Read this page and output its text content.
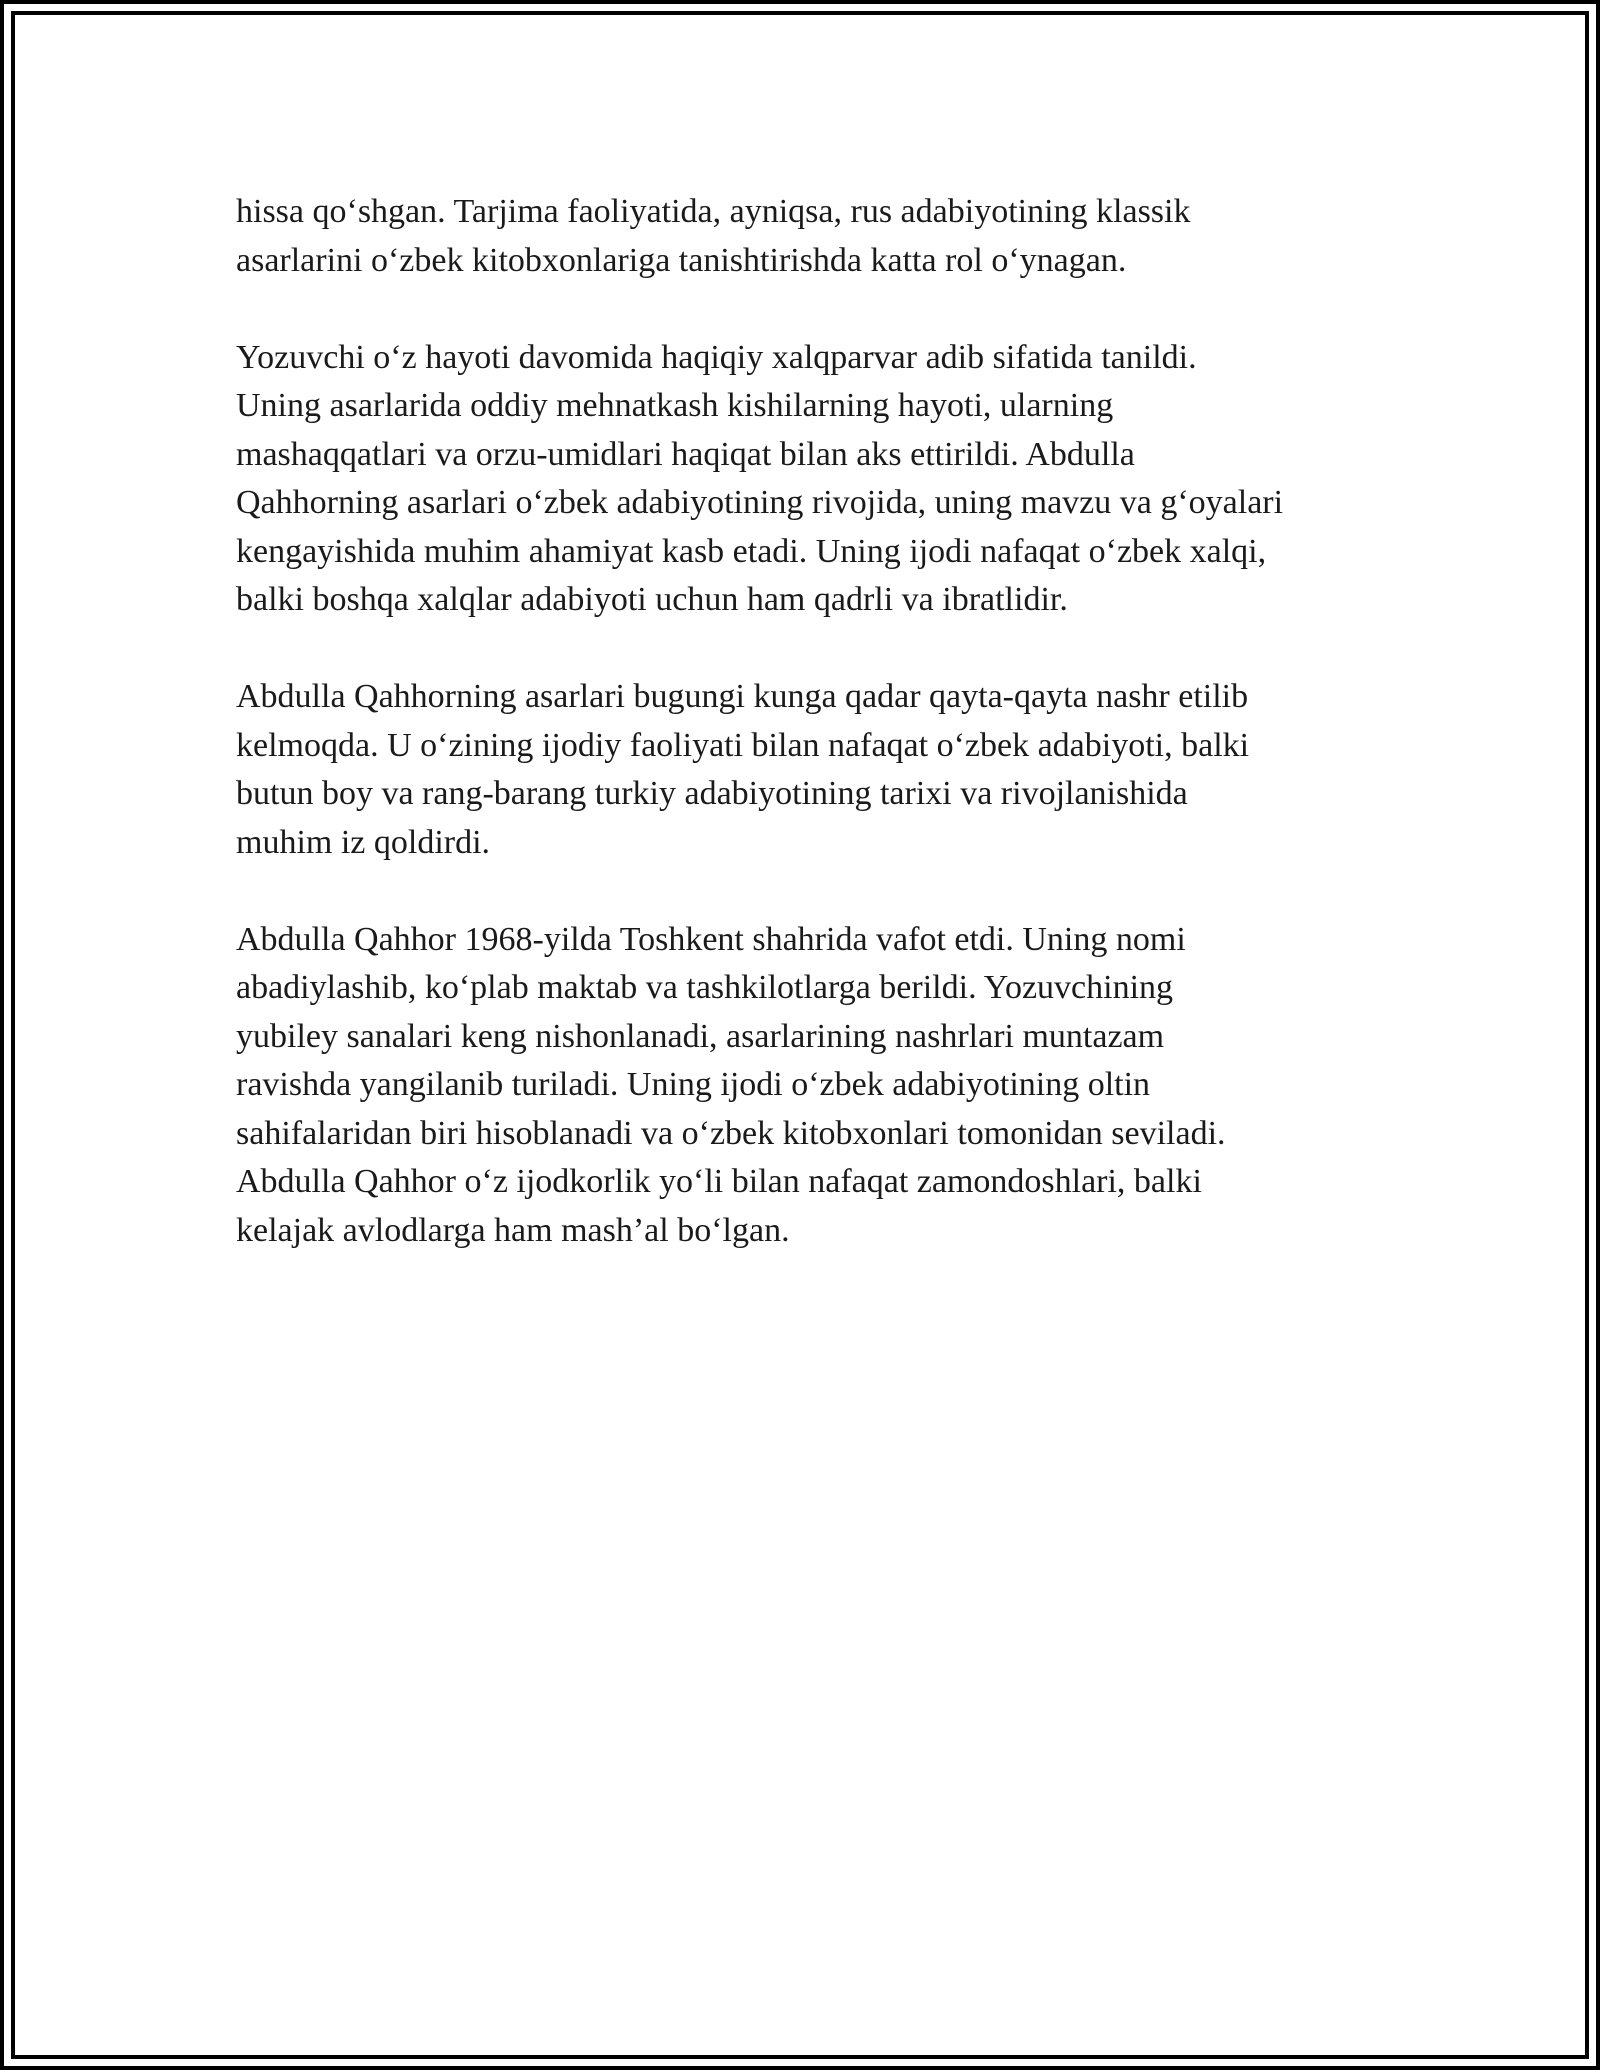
hissa qo‘shgan. Tarjima faoliyatida, ayniqsa, rus adabiyotining klassik
asarlarini o‘zbek kitobxonlariga tanishtirishda katta rol o‘ynagan.
Yozuvchi o‘z hayoti davomida haqiqiy xalqparvar adib sifatida tanildi.
Uning asarlarida oddiy mehnatkash kishilarning hayoti, ularning
mashaqqatlari va orzu-umidlari haqiqat bilan aks ettirildi. Abdulla
Qahhorning asarlari o‘zbek adabiyotining rivojida, uning mavzu va g‘oyalari
kengayishida muhim ahamiyat kasb etadi. Uning ijodi nafaqat o‘zbek xalqi,
balki boshqa xalqlar adabiyoti uchun ham qadrli va ibratlidir.
Abdulla Qahhorning asarlari bugungi kunga qadar qayta-qayta nashr etilib
kelmoqda. U o‘zining ijodiy faoliyati bilan nafaqat o‘zbek adabiyoti, balki
butun boy va rang-barang turkiy adabiyotining tarixi va rivojlanishida
muhim iz qoldirdi.
Abdulla Qahhor 1968-yilda Toshkent shahrida vafot etdi. Uning nomi
abadiylashib, ko‘plab maktab va tashkilotlarga berildi. Yozuvchining
yubiley sanalari keng nishonlanadi, asarlarining nashrlari muntazam
ravishda yangilanib turiladi. Uning ijodi o‘zbek adabiyotining oltin
sahifalaridan biri hisoblanadi va o‘zbek kitobxonlari tomonidan seviladi.
Abdulla Qahhor o‘z ijodkorlik yo‘li bilan nafaqat zamondoshlari, balki
kelajak avlodlarga ham mash’al bo‘lgan.
